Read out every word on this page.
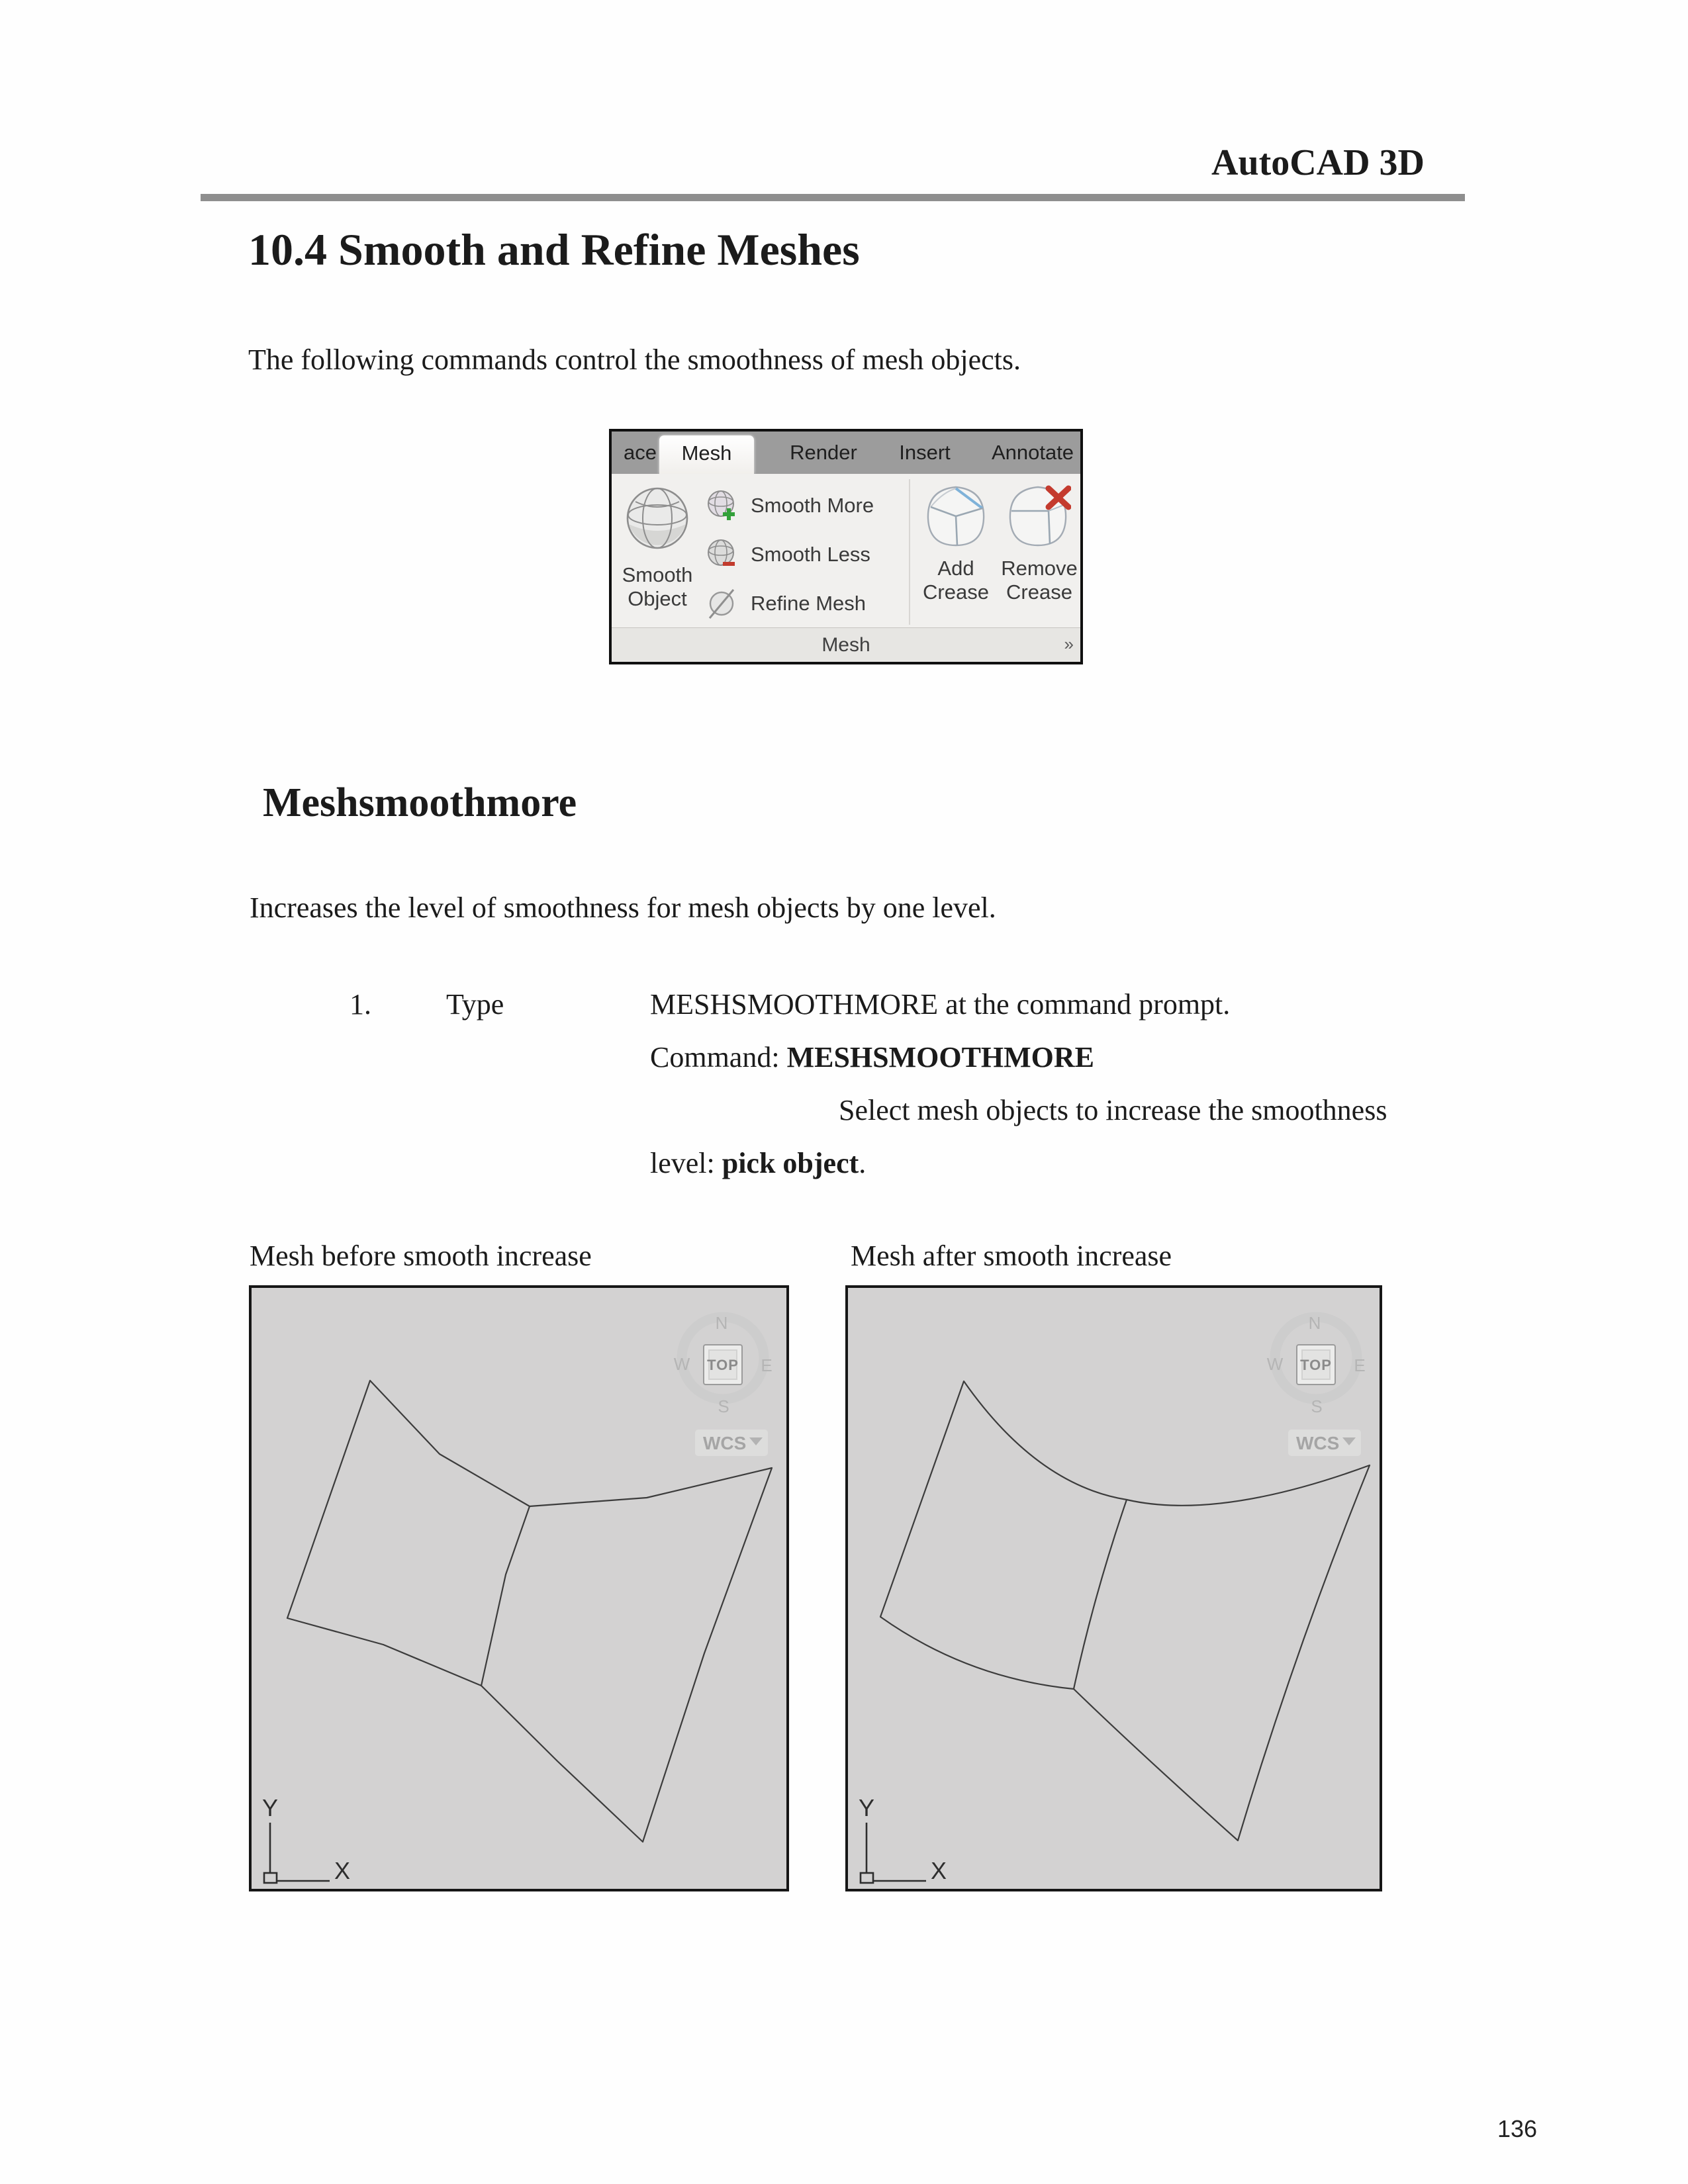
AutoCAD 3D
10.4 Smooth and Refine Meshes
The following commands control the smoothness of mesh objects.
ace	Mesh	Render	Insert	Annotate
Smooth
Object
Smooth More
Smooth Less
Refine Mesh
Add
Crease
Remove
Crease
Mesh	»
Meshsmoothmore
Increases the level of smoothness for mesh objects by one level.
1.	Type	MESHSMOOTHMORE at the command prompt.
Command: MESHSMOOTHMORE
Select mesh objects to increase the smoothness
level: pick object.
Mesh before smooth increase	Mesh after smooth increase
N
S
W	E
TOP
WCS
Y
X
N
S
W	E
TOP
WCS
Y
X
136
